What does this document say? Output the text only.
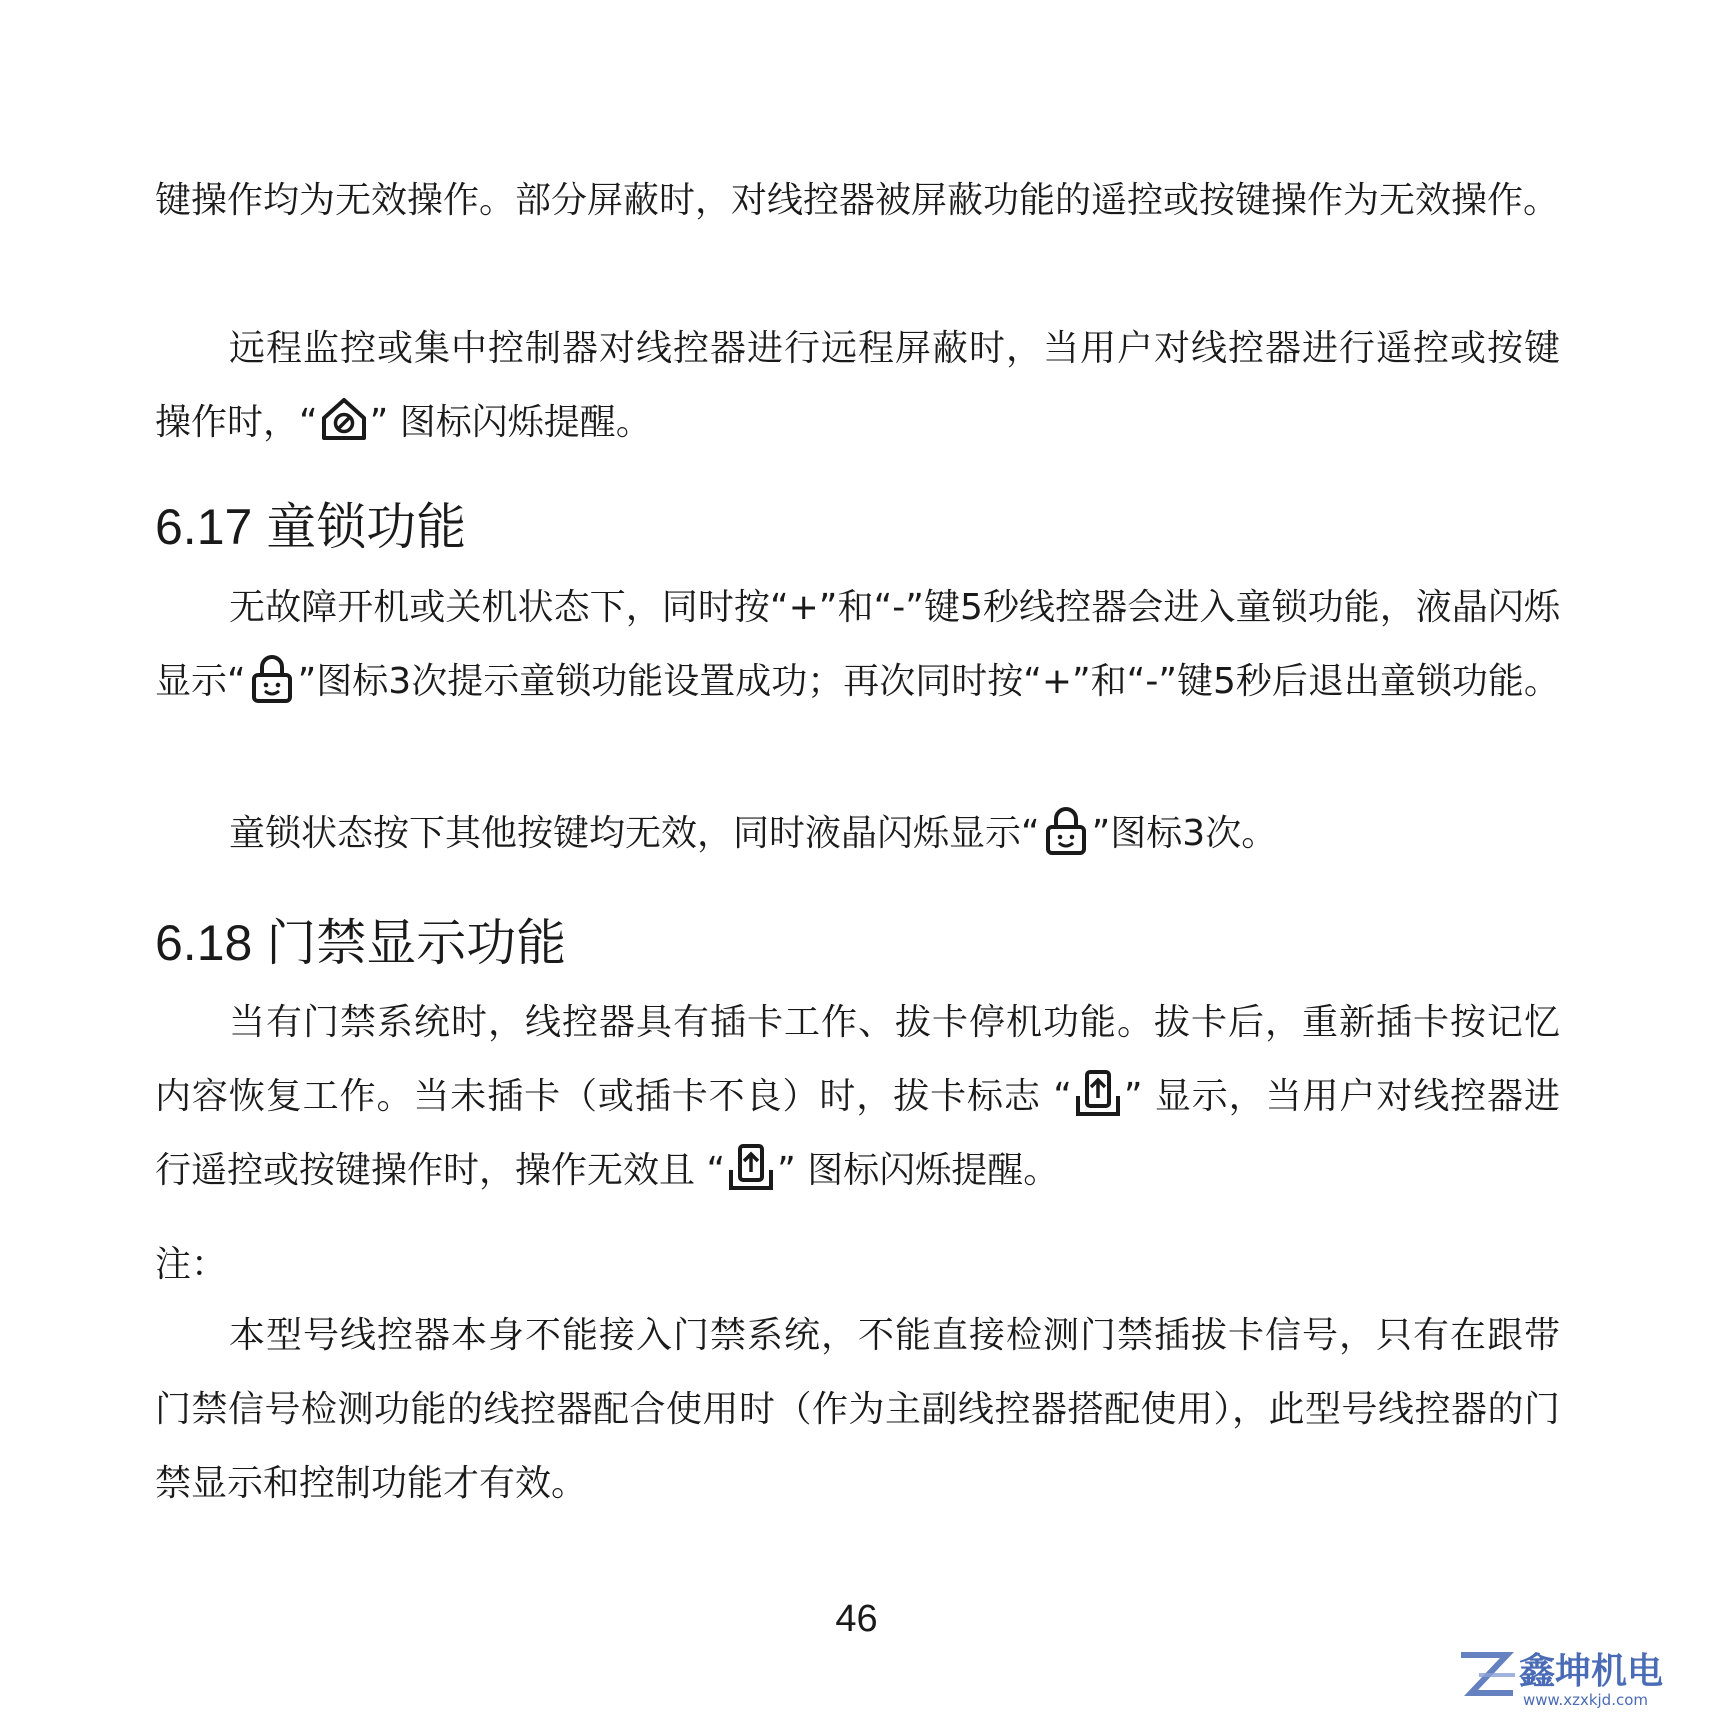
键操作均为无效操作。部分屏蔽时，对线控器被屏蔽功能的遥控或按键操作为无效操作。

远程监控或集中控制器对线控器进行远程屏蔽时，当用户对线控器进行遥控或按键操作时，“ ” 图标闪烁提醒。

6.17 童锁功能

无故障开机或关机状态下，同时按“+”和“-”键5秒线控器会进入童锁功能，液晶闪烁显示“ ”图标3次提示童锁功能设置成功；再次同时按“+”和“-”键5秒后退出童锁功能。

童锁状态按下其他按键均无效，同时液晶闪烁显示“ ”图标3次。

6.18 门禁显示功能

当有门禁系统时，线控器具有插卡工作、拔卡停机功能。拔卡后，重新插卡按记忆内容恢复工作。当未插卡（或插卡不良）时，拔卡标志 “ ” 显示，当用户对线控器进行遥控或按键操作时，操作无效且 “ ” 图标闪烁提醒。

注：

本型号线控器本身不能接入门禁系统，不能直接检测门禁插拔卡信号，只有在跟带门禁信号检测功能的线控器配合使用时（作为主副线控器搭配使用），此型号线控器的门禁显示和控制功能才有效。

46
鑫坤机电
www.xzxkjd.com
